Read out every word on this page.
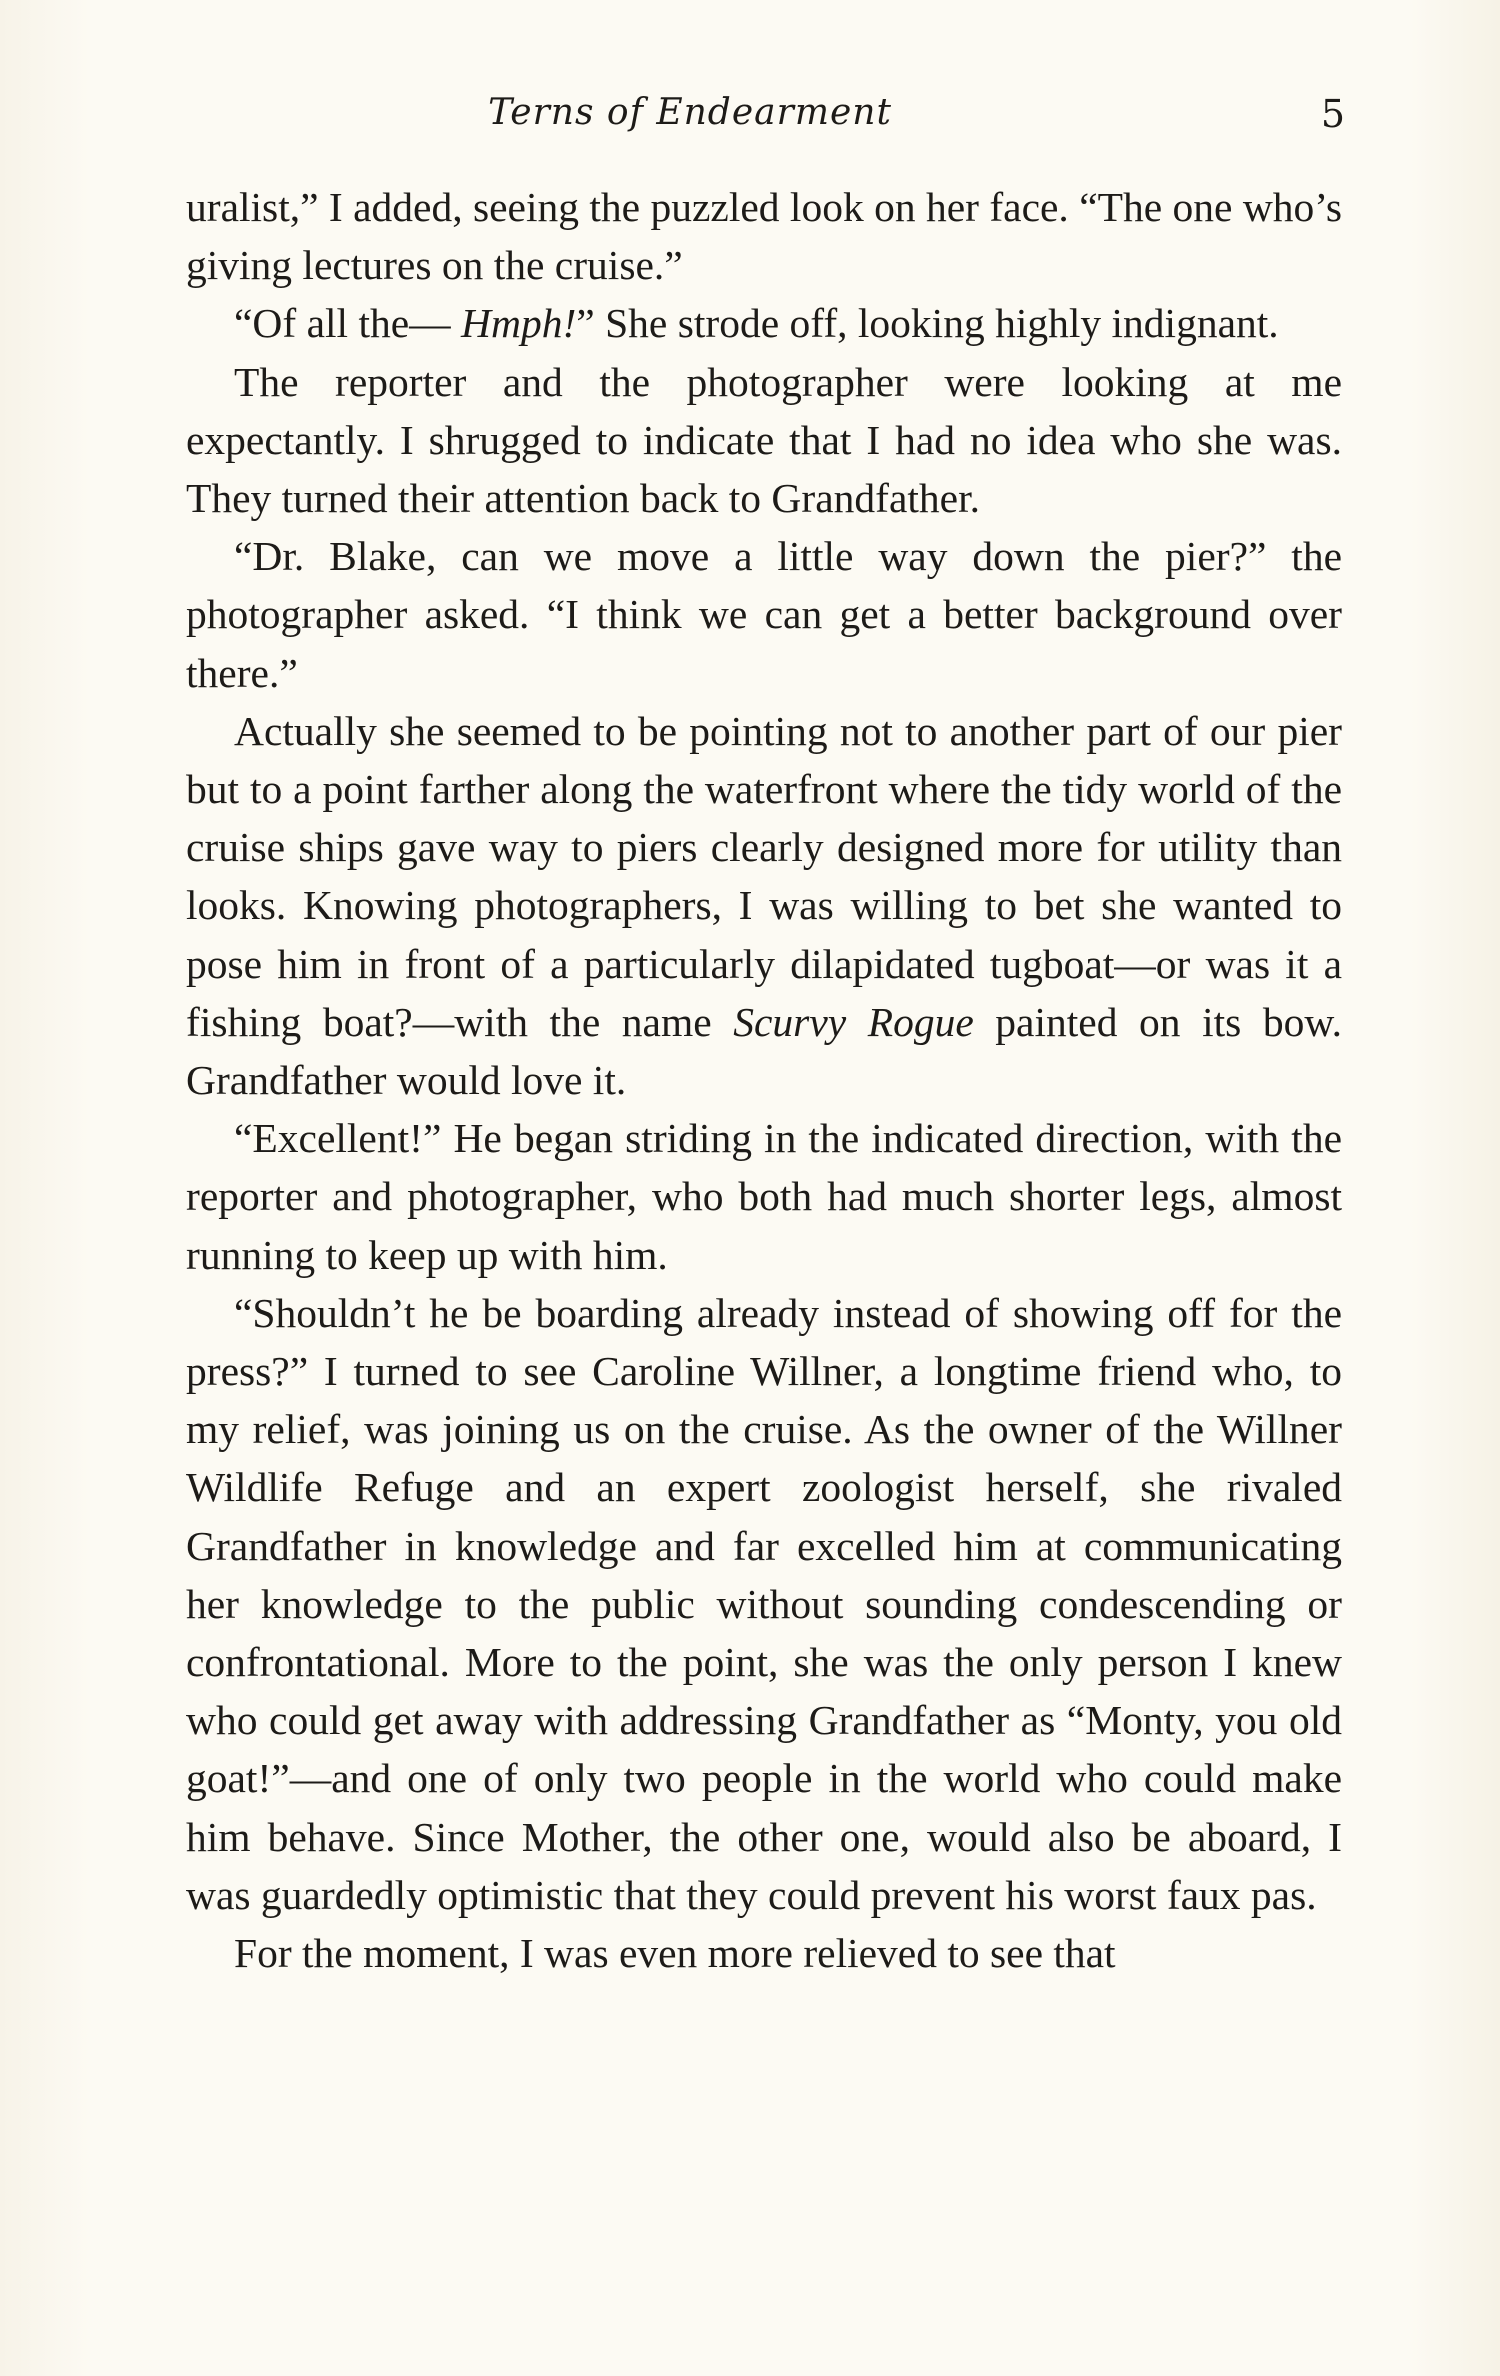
Terns of Endearment	5

uralist,” I added, seeing the puzzled look on her face. “The one who’s giving lectures on the cruise.”

“Of all the— Hmph!” She strode off, looking highly indignant.

The reporter and the photographer were looking at me expectantly. I shrugged to indicate that I had no idea who she was. They turned their attention back to Grandfather.

“Dr. Blake, can we move a little way down the pier?” the photographer asked. “I think we can get a better background over there.”

Actually she seemed to be pointing not to another part of our pier but to a point farther along the waterfront where the tidy world of the cruise ships gave way to piers clearly designed more for utility than looks. Knowing photographers, I was willing to bet she wanted to pose him in front of a particularly dilapidated tugboat—or was it a fishing boat?—with the name Scurvy Rogue painted on its bow. Grandfather would love it.

“Excellent!” He began striding in the indicated direction, with the reporter and photographer, who both had much shorter legs, almost running to keep up with him.

“Shouldn’t he be boarding already instead of showing off for the press?” I turned to see Caroline Willner, a longtime friend who, to my relief, was joining us on the cruise. As the owner of the Willner Wildlife Refuge and an expert zoologist herself, she rivaled Grandfather in knowledge and far excelled him at communicating her knowledge to the public without sounding condescending or confrontational. More to the point, she was the only person I knew who could get away with addressing Grandfather as “Monty, you old goat!”—and one of only two people in the world who could make him behave. Since Mother, the other one, would also be aboard, I was guardedly optimistic that they could prevent his worst faux pas.

For the moment, I was even more relieved to see that
